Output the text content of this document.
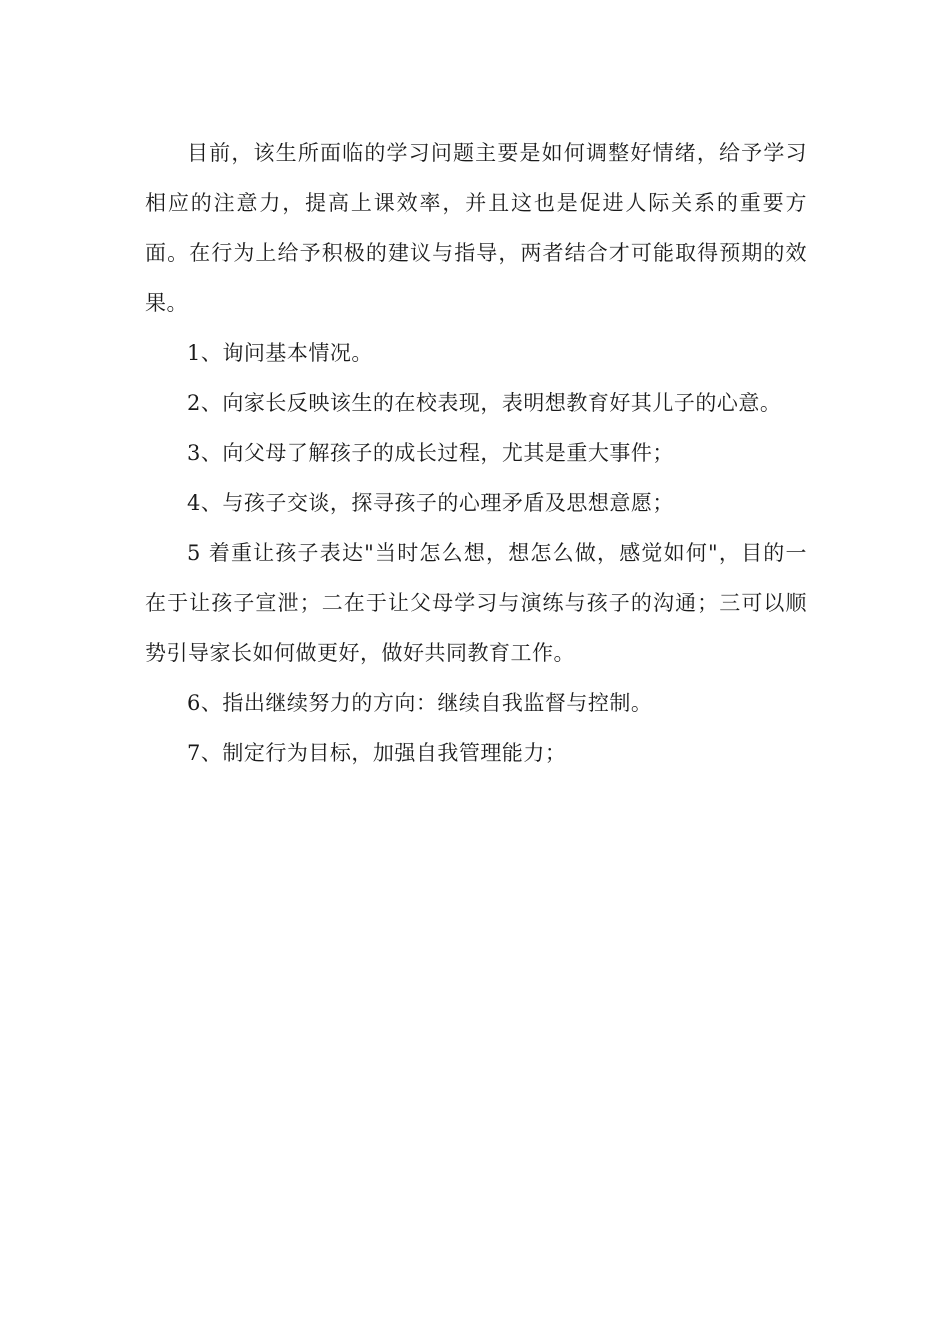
目前，该生所面临的学习问题主要是如何调整好情绪，给予学习相应的注意力，提高上课效率，并且这也是促进人际关系的重要方面。在行为上给予积极的建议与指导，两者结合才可能取得预期的效果。

1、询问基本情况。

2、向家长反映该生的在校表现，表明想教育好其儿子的心意。

3、向父母了解孩子的成长过程，尤其是重大事件；

4、与孩子交谈，探寻孩子的心理矛盾及思想意愿；

5 着重让孩子表达"当时怎么想，想怎么做，感觉如何"，目的一在于让孩子宣泄；二在于让父母学习与演练与孩子的沟通；三可以顺势引导家长如何做更好，做好共同教育工作。

6、指出继续努力的方向：继续自我监督与控制。

7、制定行为目标，加强自我管理能力；
